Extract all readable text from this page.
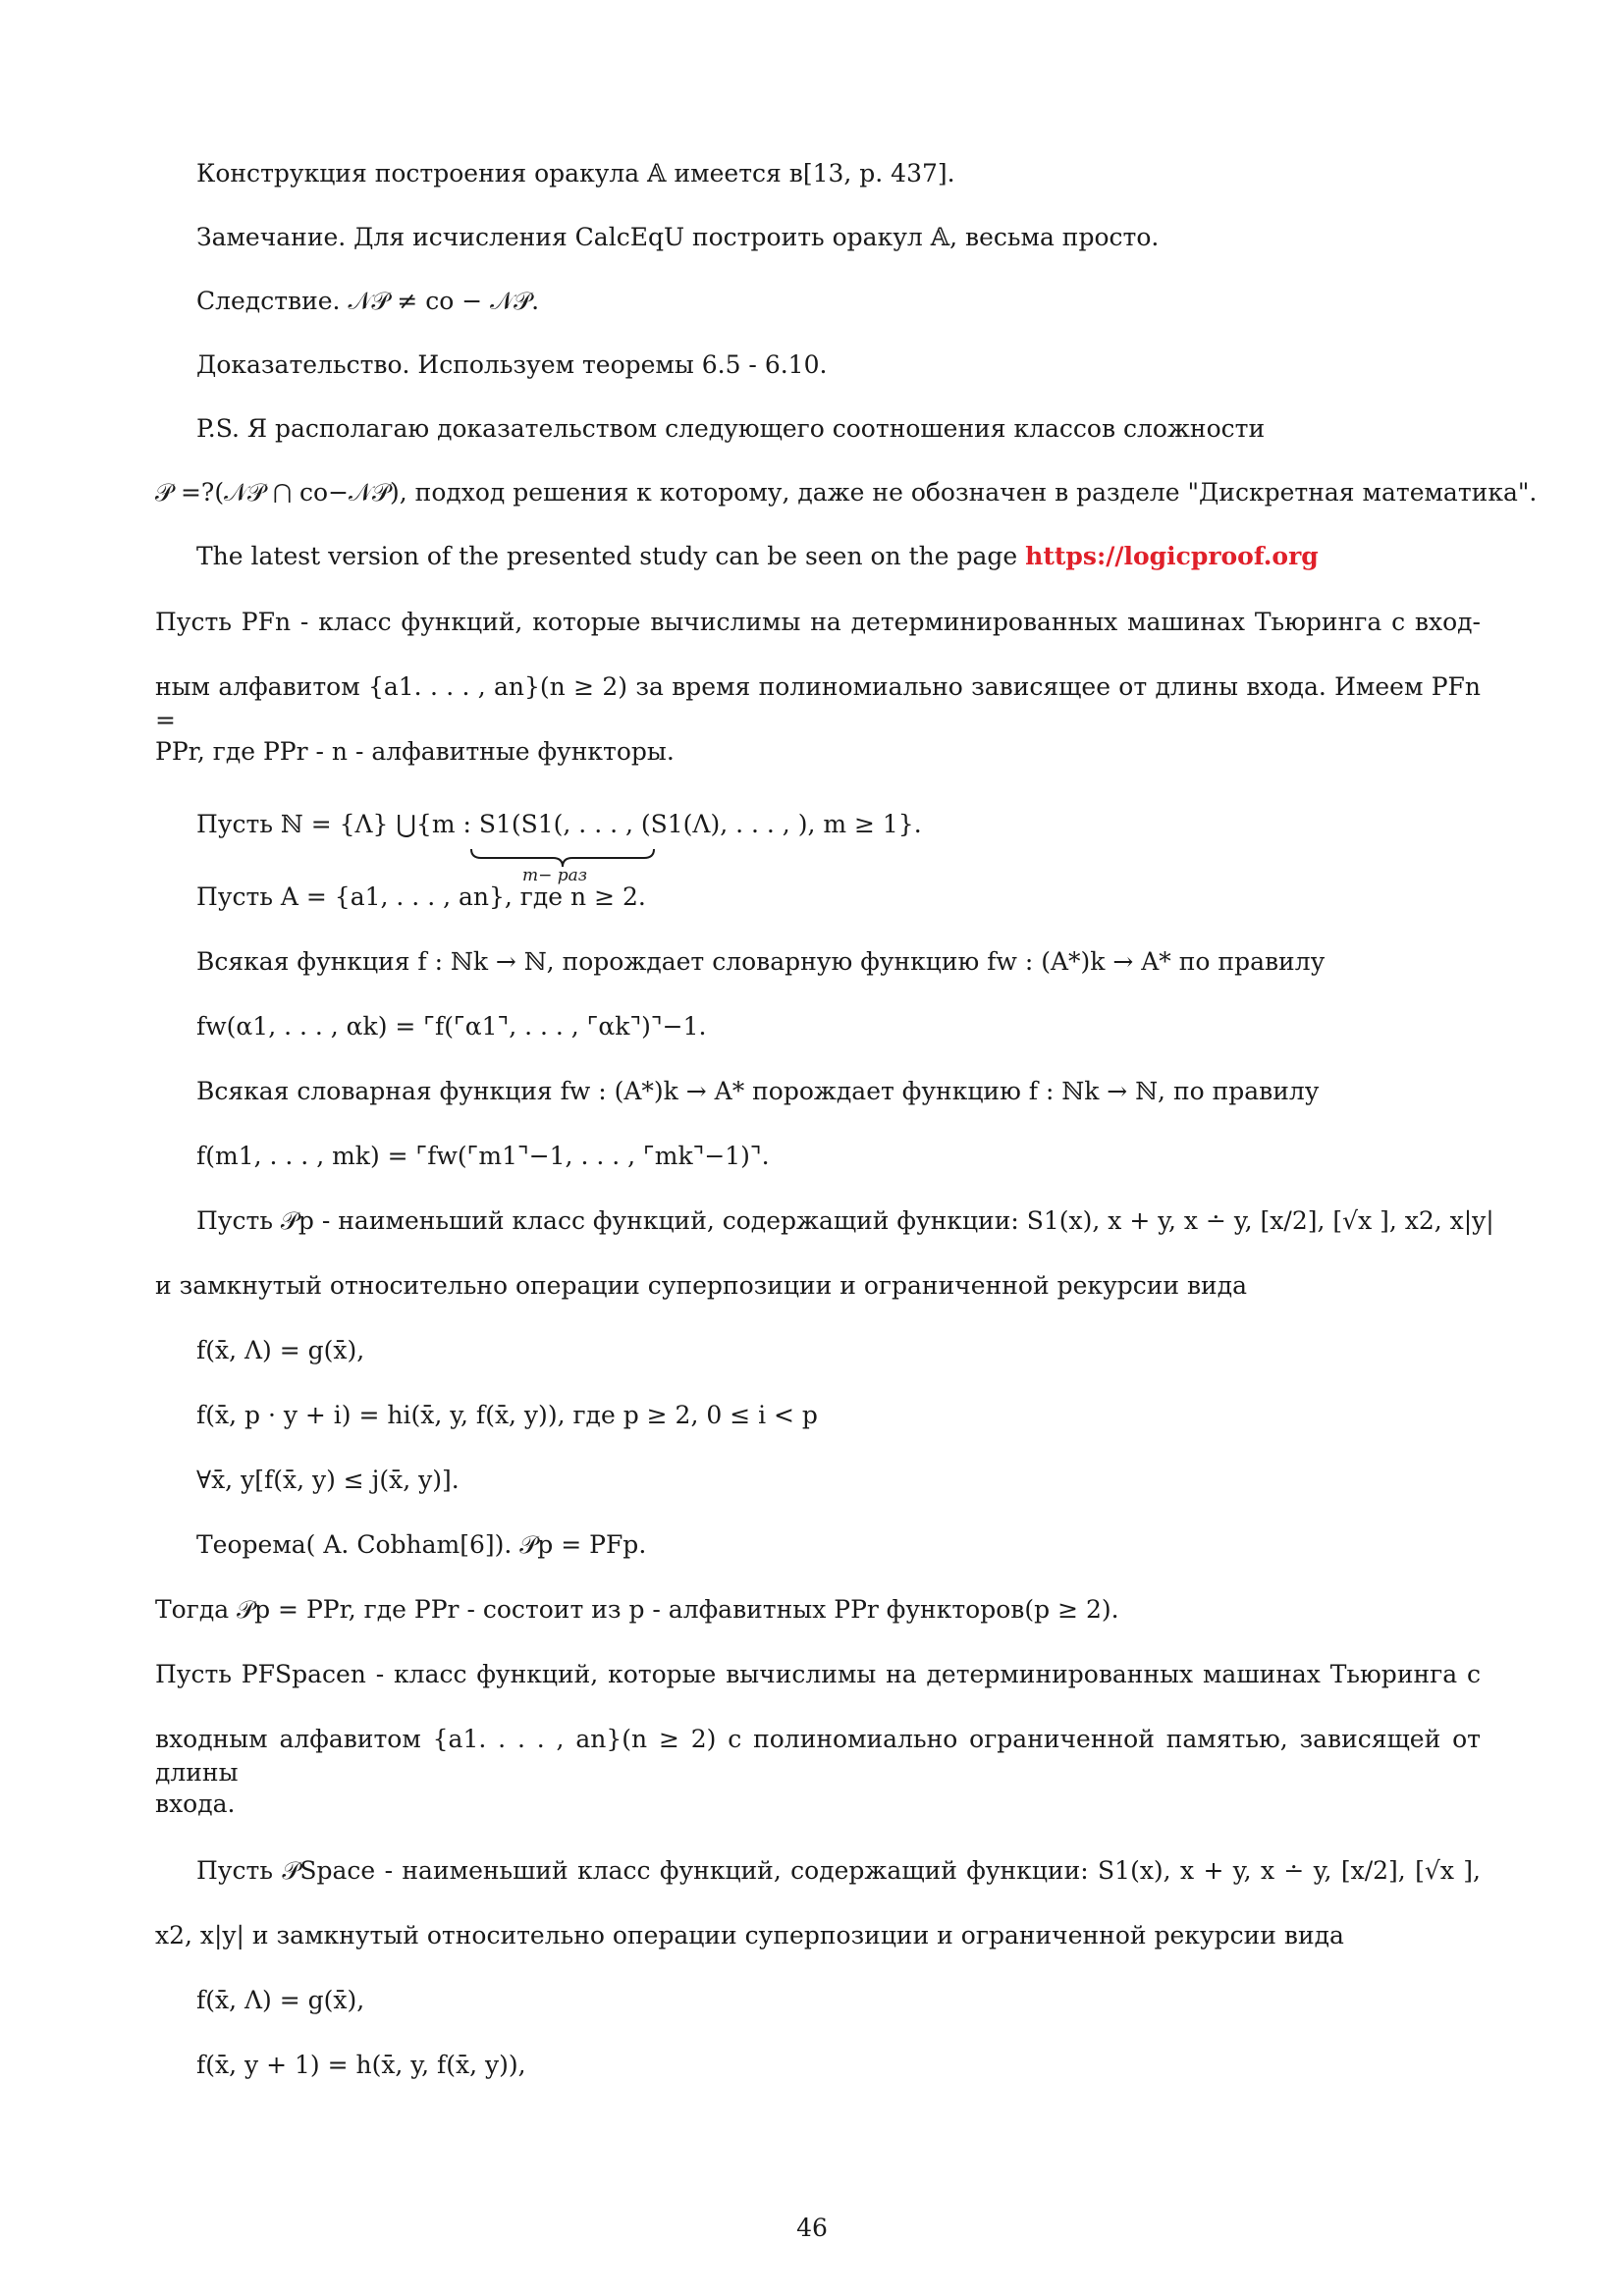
Конструкция построения оракула 𝔸 имеется в[13, p. 437].
Замечание. Для исчисления CalcEqU построить оракул 𝔸, весьма просто.
Следствие. 𝒩𝒫 ≠ co − 𝒩𝒫.
Доказательство. Используем теоремы 6.5 - 6.10.
P.S. Я располагаю доказательством следующего соотношения классов сложности
𝒫 =?(𝒩𝒫 ⋂ co−𝒩𝒫), подход решения к которому, даже не обозначен в разделе "Дискретная математика".
The latest version of the presented study can be seen on the page https://logicproof.org
Пусть PFn - класс функций, которые вычислимы на детерминированных машинах Тьюринга с вход-
ным алфавитом {a1. . . . , an}(n ≥ 2) за время полиномиально зависящее от длины входа. Имеем PFn =
PPr, где PPr - n - алфавитные функторы.
Пусть ℕ = {Λ} ⋃{m : S1(S1(, . . . , (S1(Λ), . . . , ), m ≥ 1}.
m− раз
Пусть A = {a1, . . . , an}, где n ≥ 2.
Всякая функция f : ℕk → ℕ, порождает словарную функцию fw : (A*)k → A* по правилу
fw(α1, . . . , αk) = ⌜f(⌜α1⌝, . . . , ⌜αk⌝)⌝−1.
Всякая словарная функция fw : (A*)k → A* порождает функцию f : ℕk → ℕ, по правилу
f(m1, . . . , mk) = ⌜fw(⌜m1⌝−1, . . . , ⌜mk⌝−1)⌝.
Пусть 𝒫p - наименьший класс функций, содержащий функции: S1(x), x + y, x ∸ y, [x/2], [√x ], x2, x|y|
и замкнутый относительно операции суперпозиции и ограниченной рекурсии вида
f(x̄, Λ) = g(x̄),
f(x̄, p · y + i) = hi(x̄, y, f(x̄, y)), где p ≥ 2, 0 ≤ i < p
∀x̄, y[f(x̄, y) ≤ j(x̄, y)].
Теорема( A. Cobham[6]). 𝒫p = PFp.
Тогда 𝒫p = PPr, где PPr - состоит из p - алфавитных PPr функторов(p ≥ 2).
Пусть PFSpacen - класс функций, которые вычислимы на детерминированных машинах Тьюринга с
входным алфавитом {a1. . . . , an}(n ≥ 2) с полиномиально ограниченной памятью, зависящей от длины
входа.
Пусть 𝒫Space - наименьший класс функций, содержащий функции: S1(x), x + y, x ∸ y, [x/2], [√x ],
x2, x|y| и замкнутый относительно операции суперпозиции и ограниченной рекурсии вида
f(x̄, Λ) = g(x̄),
f(x̄, y + 1) = h(x̄, y, f(x̄, y)),
46
